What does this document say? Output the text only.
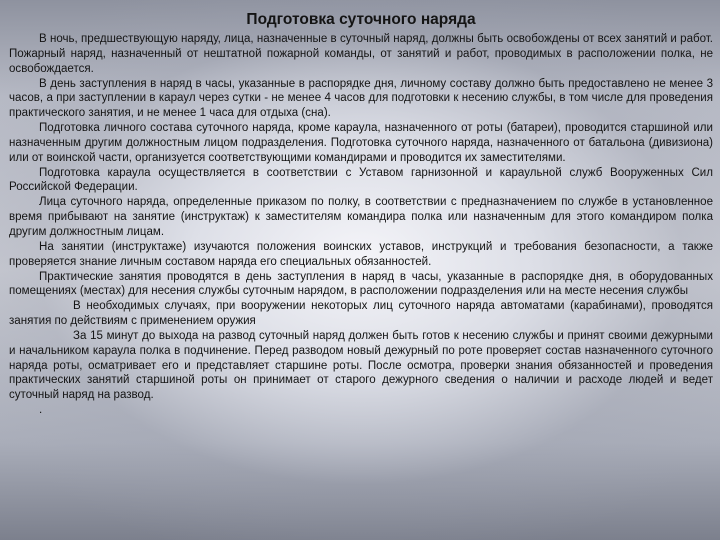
Подготовка суточного наряда

В ночь, предшествующую наряду, лица, назначенные в суточный наряд, должны быть освобождены от всех занятий и работ. Пожарный наряд, назначенный от нештатной пожарной команды, от занятий и работ, проводимых в расположении полка, не освобождается.

В день заступления в наряд в часы, указанные в распорядке дня, личному составу должно быть предоставлено не менее 3 часов, а при заступлении в караул через сутки - не менее 4 часов для подготовки к несению службы, в том числе для проведения практического занятия, и не менее 1 часа для отдыха (сна).

Подготовка личного состава суточного наряда, кроме караула, назначенного от роты (батареи), проводится старшиной или назначенным другим должностным лицом подразделения. Подготовка суточного наряда, назначенного от батальона (дивизиона) или от воинской части, организуется соответствующими командирами и проводится их заместителями.

Подготовка караула осуществляется в соответствии с Уставом гарнизонной и караульной служб Вооруженных Сил Российской Федерации.

Лица суточного наряда, определенные приказом по полку, в соответствии с предназначением по службе в установленное время прибывают на занятие (инструктаж) к заместителям командира полка или назначенным для этого командиром полка другим должностным лицам.

На занятии (инструктаже) изучаются положения воинских уставов, инструкций и требования безопасности, а также проверяется знание личным составом наряда его специальных обязанностей.

Практические занятия проводятся в день заступления в наряд в часы, указанные в распорядке дня, в оборудованных помещениях (местах) для несения службы суточным нарядом, в расположении подразделения или на месте несения службы

В необходимых случаях, при вооружении некоторых лиц суточного наряда автоматами (карабинами), проводятся занятия по действиям с применением оружия

За 15 минут до выхода на развод суточный наряд должен быть готов к несению службы и принят своими дежурными и начальником караула полка в подчинение. Перед разводом новый дежурный по роте проверяет состав назначенного суточного наряда роты, осматривает его и представляет старшине роты. После осмотра, проверки знания обязанностей и проведения практических занятий старшиной роты он принимает от старого дежурного сведения о наличии и расходе людей и ведет суточный наряд на развод.

.
